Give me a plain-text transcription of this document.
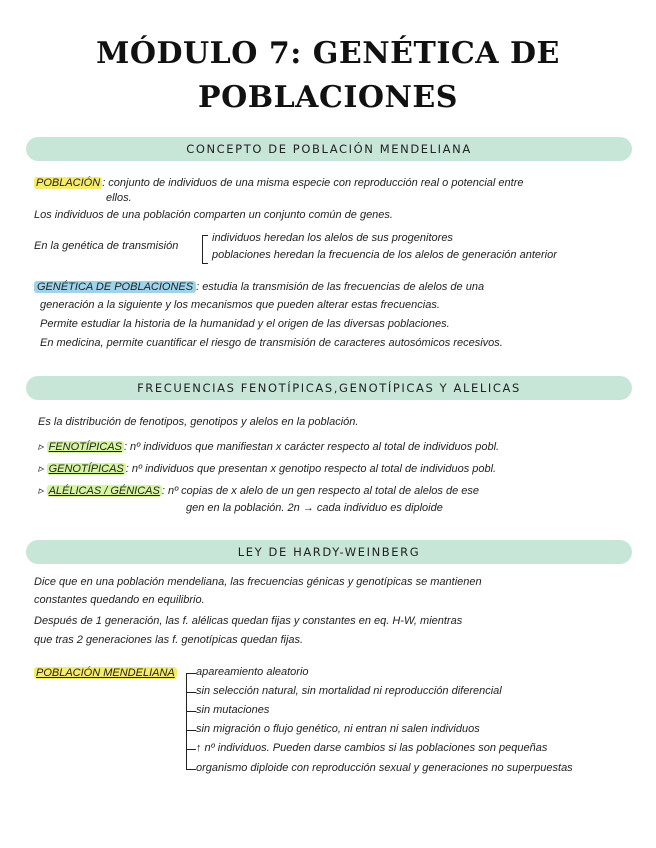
MÓDULO 7: GENÉTICA DE
POBLACIONES
CONCEPTO DE POBLACIÓN MENDELIANA
POBLACIÓN : conjunto de individuos de una misma especie con reproducción real o potencial entre
ellos.
Los individuos de una población comparten un conjunto común de genes.
En la genética de transmisión
individuos heredan los alelos de sus progenitores
poblaciones heredan la frecuencia de los alelos de generación anterior
GENÉTICA DE POBLACIONES : estudia la transmisión de las frecuencias de alelos de una
generación a la siguiente y los mecanismos que pueden alterar estas frecuencias.
Permite estudiar la historia de la humanidad y el origen de las diversas poblaciones.
En medicina, permite cuantificar el riesgo de transmisión de caracteres autosómicos recesivos.
FRECUENCIAS FENOTÍPICAS,GENOTÍPICAS Y ALELICAS
Es la distribución de fenotipos, genotipos y alelos en la población.
▹ FENOTÍPICAS : nº individuos que manifiestan x carácter respecto al total de individuos pobl.
▹ GENOTÍPICAS : nº individuos que presentan x genotipo respecto al total de individuos pobl.
▹ ALÉLICAS / GÉNICAS : nº copias de x alelo de un gen respecto al total de alelos de ese
gen en la población. 2n → cada individuo es diploide
LEY DE HARDY-WEINBERG
Dice que en una población mendeliana, las frecuencias génicas y genotípicas se mantienen
constantes quedando en equilibrio.
Después de 1 generación, las f. alélicas quedan fijas y constantes en eq. H-W, mientras
que tras 2 generaciones las f. genotípicas quedan fijas.
POBLACIÓN MENDELIANA apareamiento aleatorio
sin selección natural, sin mortalidad ni reproducción diferencial
sin mutaciones
sin migración o flujo genético, ni entran ni salen individuos
↑ nº individuos. Pueden darse cambios si las poblaciones son pequeñas
organismo diploide con reproducción sexual y generaciones no superpuestas
